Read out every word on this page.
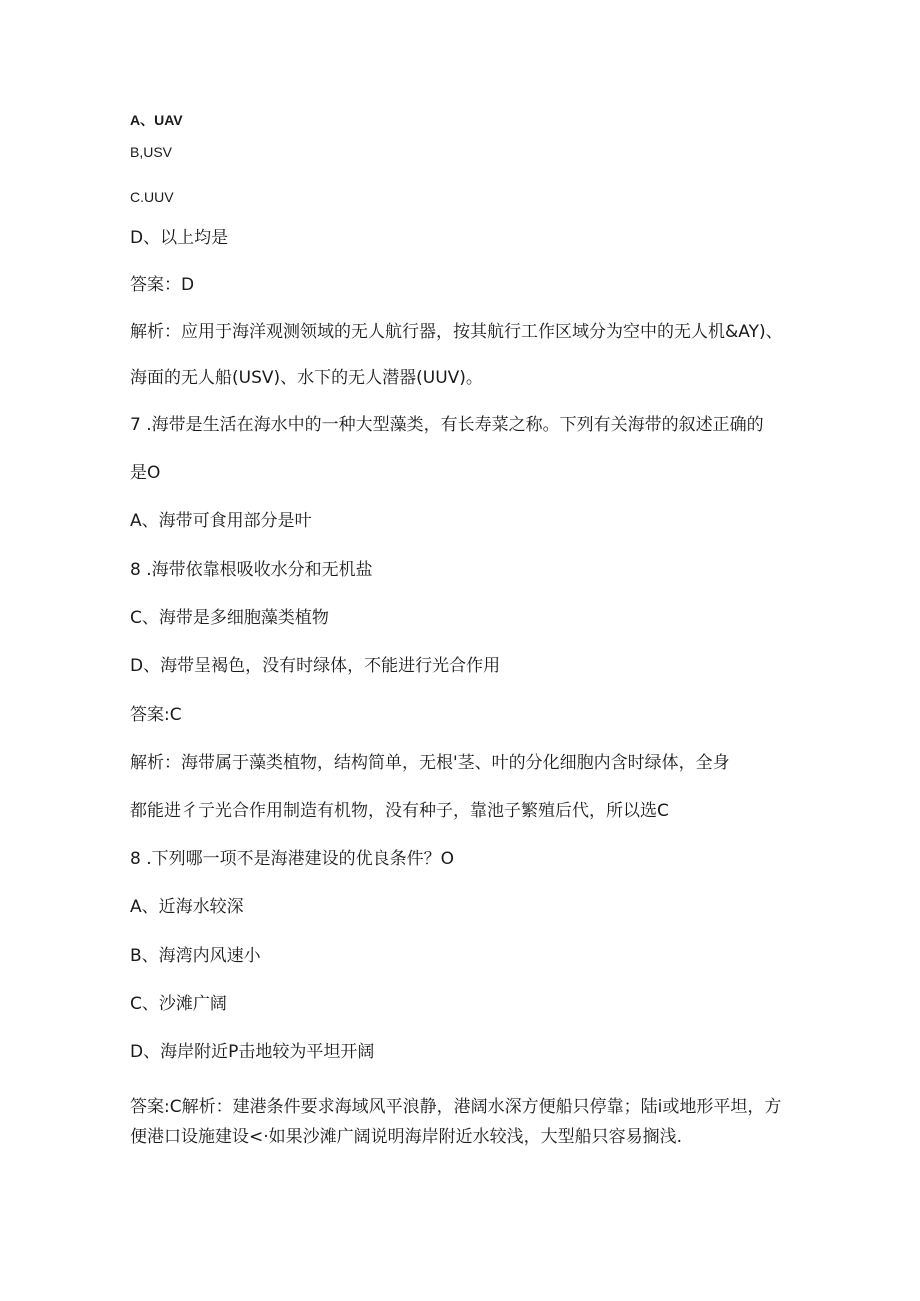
A、UAV
B,USV
C.UUV
D、以上均是
答案：D
解析：应用于海洋观测领域的无人航行器，按其航行工作区域分为空中的无人机&AY)、
海面的无人船(USV)、水下的无人潜器(UUV)。
7 .海带是生活在海水中的一种大型藻类，有长寿菜之称。下列有关海带的叙述正确的
是O
A、海带可食用部分是叶
8 .海带依靠根吸收水分和无机盐
C、海带是多细胞藻类植物
D、海带呈褐色，没有时绿体，不能进行光合作用
答案:C
解析：海带属于藻类植物，结构简单，无根'茎、叶的分化细胞内含时绿体，全身
都能进彳亍光合作用制造有机物，没有种子，靠池子繁殖后代，所以选C
8 .下列哪一项不是海港建设的优良条件？O
A、近海水较深
B、海湾内风速小
C、沙滩广阔
D、海岸附近P击地较为平坦开阔
答案:C解析：建港条件要求海域风平浪静，港阔水深方便船只停靠；陆i或地形平坦，方
便港口设施建设<·如果沙滩广阔说明海岸附近水较浅，大型船只容易搁浅.
